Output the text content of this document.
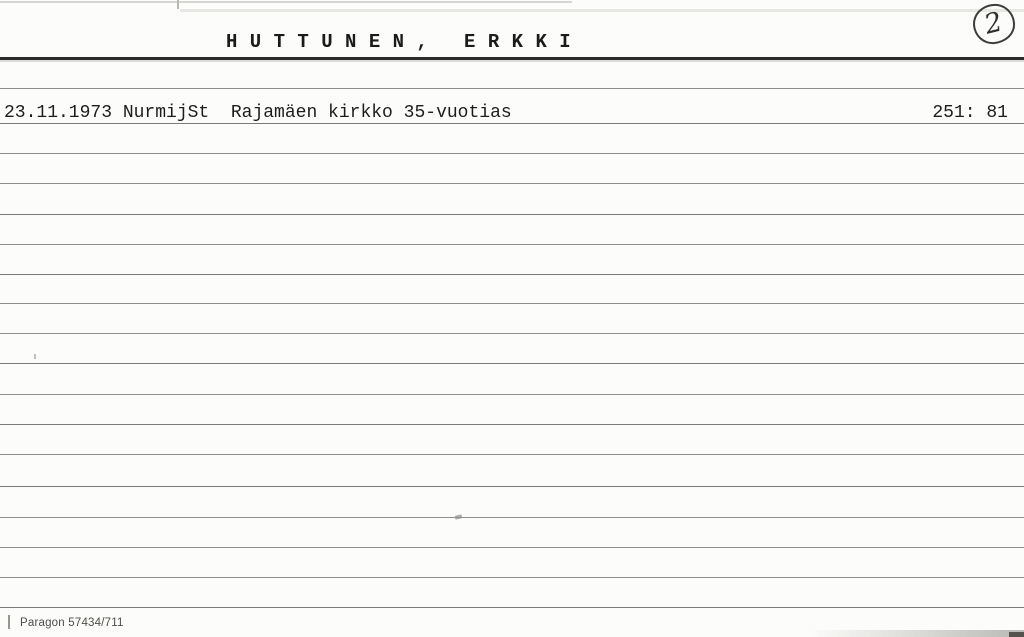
H U T T U N E N ,   E R K K I
2
23.11.1973 NurmijSt  Rajamäen kirkko 35-vuotias	251: 81
Paragon 57434/711
